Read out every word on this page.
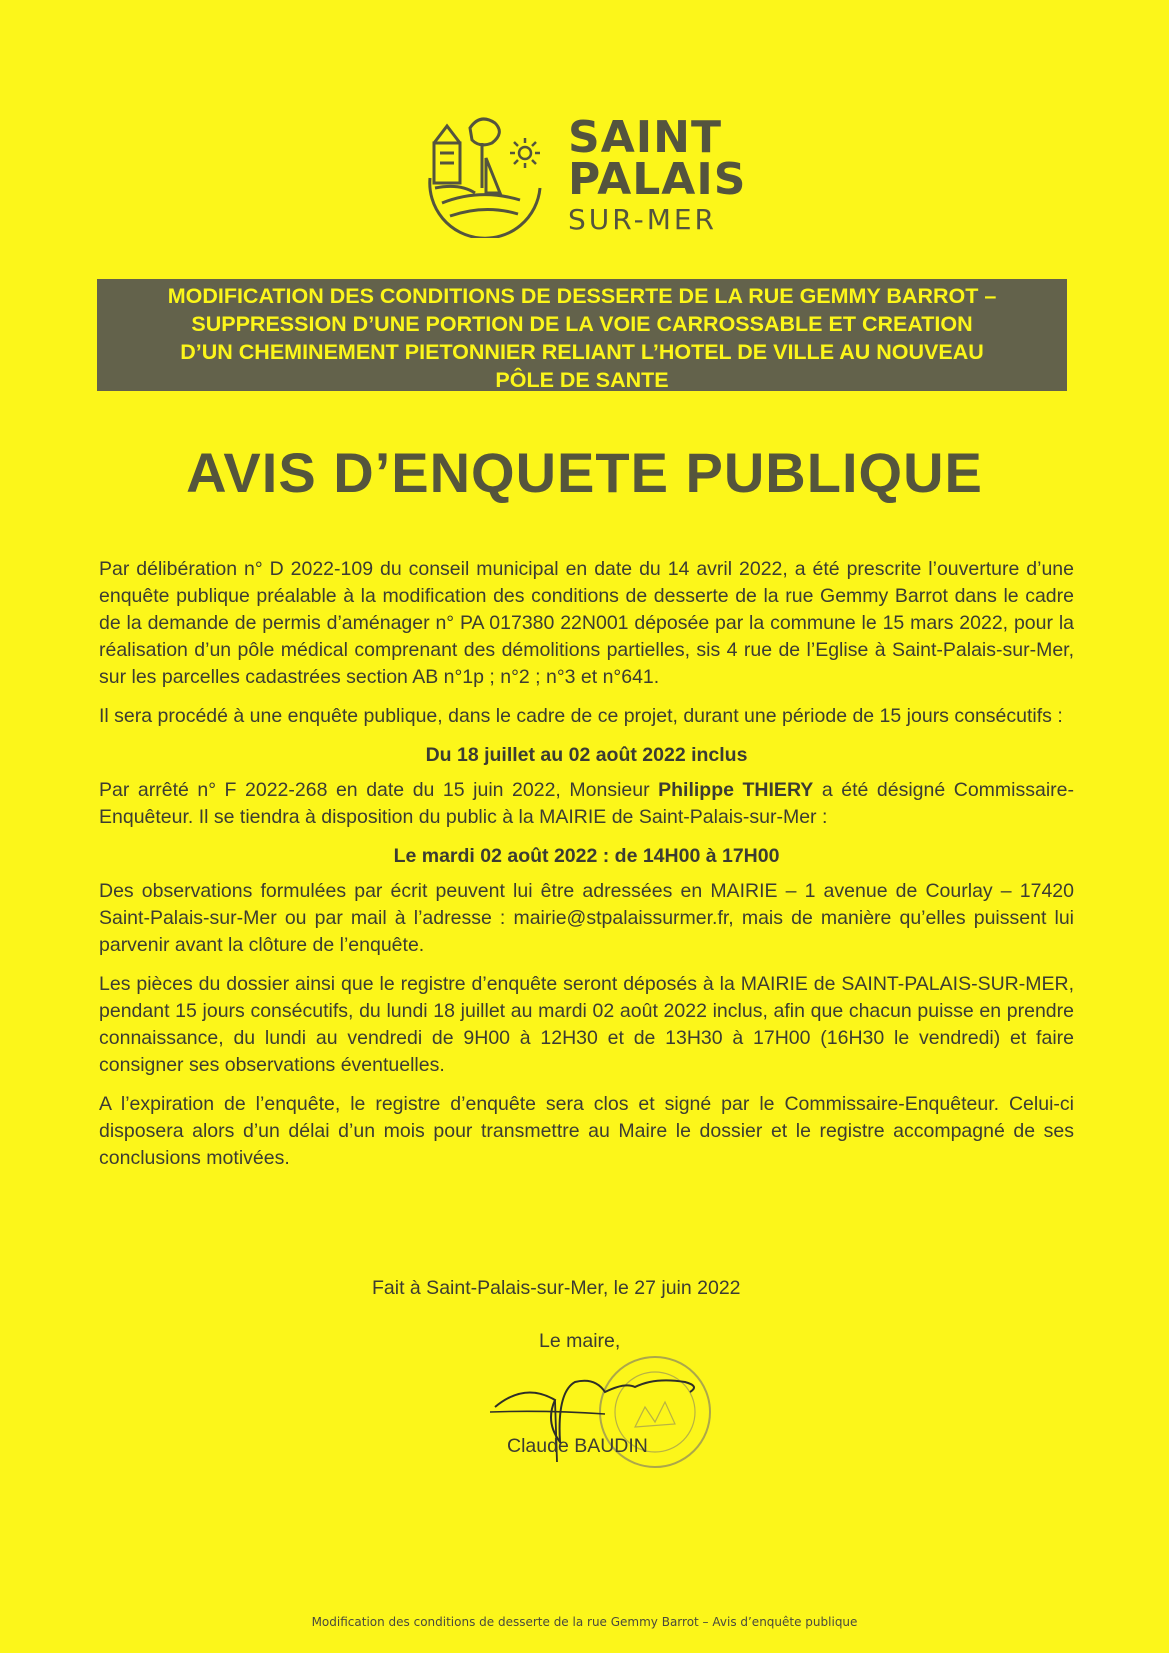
SAINT
PALAIS
SUR-MER
MODIFICATION DES CONDITIONS DE DESSERTE DE LA RUE GEMMY BARROT –
SUPPRESSION D’UNE PORTION DE LA VOIE CARROSSABLE ET CREATION
D’UN CHEMINEMENT PIETONNIER RELIANT L’HOTEL DE VILLE AU NOUVEAU
PÔLE DE SANTE
AVIS D’ENQUETE PUBLIQUE

Par délibération n° D 2022-109 du conseil municipal en date du 14 avril 2022, a été prescrite l’ouverture d’une enquête publique préalable à la modification des conditions de desserte de la rue Gemmy Barrot dans le cadre de la demande de permis d’aménager n° PA 017380 22N001 déposée par la commune le 15 mars 2022, pour la réalisation d’un pôle médical comprenant des démolitions partielles, sis 4 rue de l’Eglise à Saint-Palais-sur-Mer, sur les parcelles cadastrées section AB n°1p ; n°2 ; n°3 et n°641.

Il sera procédé à une enquête publique, dans le cadre de ce projet, durant une période de 15 jours consécutifs :

Du 18 juillet au 02 août 2022 inclus

Par arrêté n° F 2022-268 en date du 15 juin 2022, Monsieur Philippe THIERY a été désigné Commissaire-Enquêteur. Il se tiendra à disposition du public à la MAIRIE de Saint-Palais-sur-Mer :

Le mardi 02 août 2022 : de 14H00 à 17H00

Des observations formulées par écrit peuvent lui être adressées en MAIRIE – 1 avenue de Courlay – 17420 Saint-Palais-sur-Mer ou par mail à l’adresse : mairie@stpalaissurmer.fr, mais de manière qu’elles puissent lui parvenir avant la clôture de l’enquête.

Les pièces du dossier ainsi que le registre d’enquête seront déposés à la MAIRIE de SAINT-PALAIS-SUR-MER, pendant 15 jours consécutifs, du lundi 18 juillet au mardi 02 août 2022 inclus, afin que chacun puisse en prendre connaissance, du lundi au vendredi de 9H00 à 12H30 et de 13H30 à 17H00 (16H30 le vendredi) et faire consigner ses observations éventuelles.

A l’expiration de l’enquête, le registre d’enquête sera clos et signé par le Commissaire-Enquêteur. Celui-ci disposera alors d’un délai d’un mois pour transmettre au Maire le dossier et le registre accompagné de ses conclusions motivées.

Fait à Saint-Palais-sur-Mer, le 27 juin 2022
Le maire,
Claude BAUDIN
Modification des conditions de desserte de la rue Gemmy Barrot – Avis d’enquête publique
